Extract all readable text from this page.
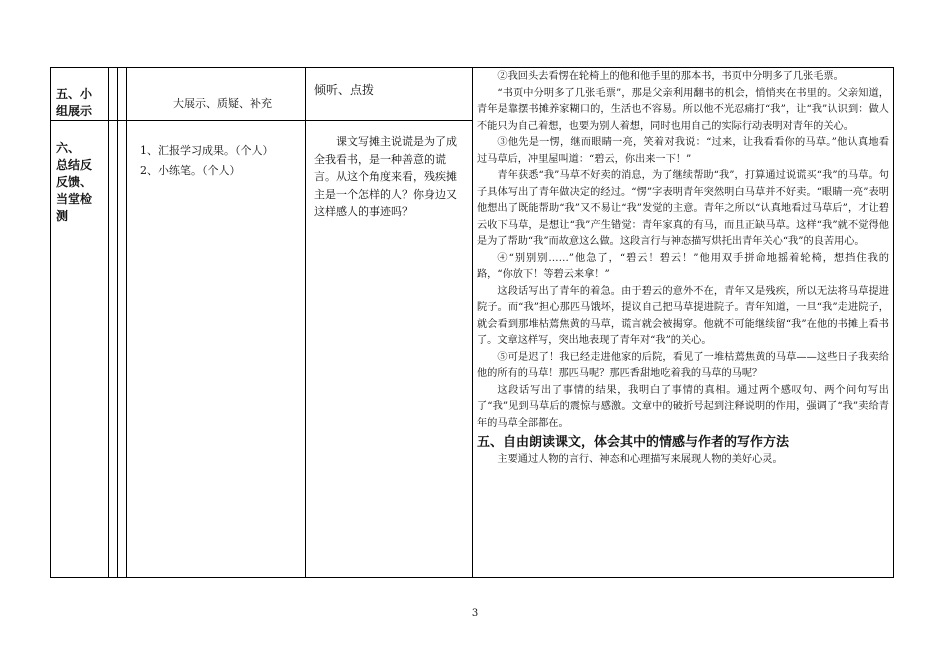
五、小
组展示
大展示、质疑、补充
倾听、点拨
六、
总结反
反馈、
当堂检
测
1、汇报学习成果。（个人）
2、小练笔。（个人）
课文写摊主说谎是为了成全我看书，是一种善意的谎言。从这个角度来看，残疾摊主是一个怎样的人？你身边又这样感人的事迹吗？

②我回头去看愣在轮椅上的他和他手里的那本书，书页中分明多了几张毛票。

“书页中分明多了几张毛票”，那是父亲利用翻书的机会，悄悄夹在书里的。父亲知道，青年是靠摆书摊养家糊口的，生活也不容易。所以他不光忍痛打“我”，让“我”认识到：做人不能只为自己着想，也要为别人着想，同时也用自己的实际行动表明对青年的关心。

③他先是一愣，继而眼睛一亮，笑着对我说：“过来，让我看看你的马草。”他认真地看过马草后，冲里屋叫道：“碧云，你出来一下！”

青年获悉“我”马草不好卖的消息，为了继续帮助“我”，打算通过说谎买“我”的马草。句子具体写出了青年做决定的经过。“愣”字表明青年突然明白马草并不好卖。“眼睛一亮”表明他想出了既能帮助“我”又不易让“我”发觉的主意。青年之所以“认真地看过马草后”，才让碧云收下马草，是想让“我”产生错觉：青年家真的有马，而且正缺马草。这样“我”就不觉得他是为了帮助“我”而故意这么做。这段言行与神态描写烘托出青年关心“我”的良苦用心。

④“别别别……”他急了，“碧云！碧云！”他用双手拼命地摇着轮椅，想挡住我的路，“你放下！等碧云来拿！”

这段话写出了青年的着急。由于碧云的意外不在，青年又是残疾，所以无法将马草提进院子。而“我”担心那匹马饿坏，提议自己把马草提进院子。青年知道，一旦“我”走进院子，就会看到那堆枯蔫焦黄的马草，谎言就会被揭穿。他就不可能继续留“我”在他的书摊上看书了。文章这样写，突出地表现了青年对“我”的关心。

⑤可是迟了！我已经走进他家的后院，看见了一堆枯蔫焦黄的马草——这些日子我卖给他的所有的马草！那匹马呢？那匹香甜地吃着我的马草的马呢？

这段话写出了事情的结果，我明白了事情的真相。通过两个感叹句、两个问句写出了“我”见到马草后的震惊与感激。文章中的破折号起到注释说明的作用，强调了“我”卖给青年的马草全部都在。

五、自由朗读课文，体会其中的情感与作者的写作方法

主要通过人物的言行、神态和心理描写来展现人物的美好心灵。

3
